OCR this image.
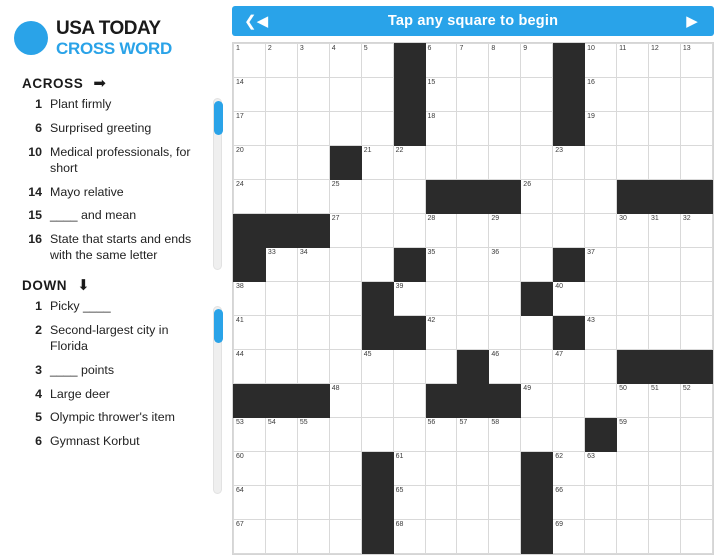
USA TODAY
CROSS WORD
ACROSS ➡
1 Plant firmly
6 Surprised greeting
10 Medical professionals, for short
14 Mayo relative
15 ____ and mean
16 State that starts and ends with the same letter
DOWN ⬇
1 Picky ____
2 Second-largest city in Florida
3 ____ points
4 Large deer
5 Olympic thrower's item
6 Gymnast Korbut
❮◀	Tap any square to begin	▶
1	2	3	4	5		6	7	8	9		10	11	12	13

14						15					16			

17						18					19			

20				21	22					23				

24			25						26					

			27			28		29				30	31	32

	33	34				35		36			37			

38					39					40				

41						42					43			

44				45				46		47				

			48						49			50	51	52

53	54	55				56	57	58				59		

60					61					62	63			

64					65					66				

67					68					69				
